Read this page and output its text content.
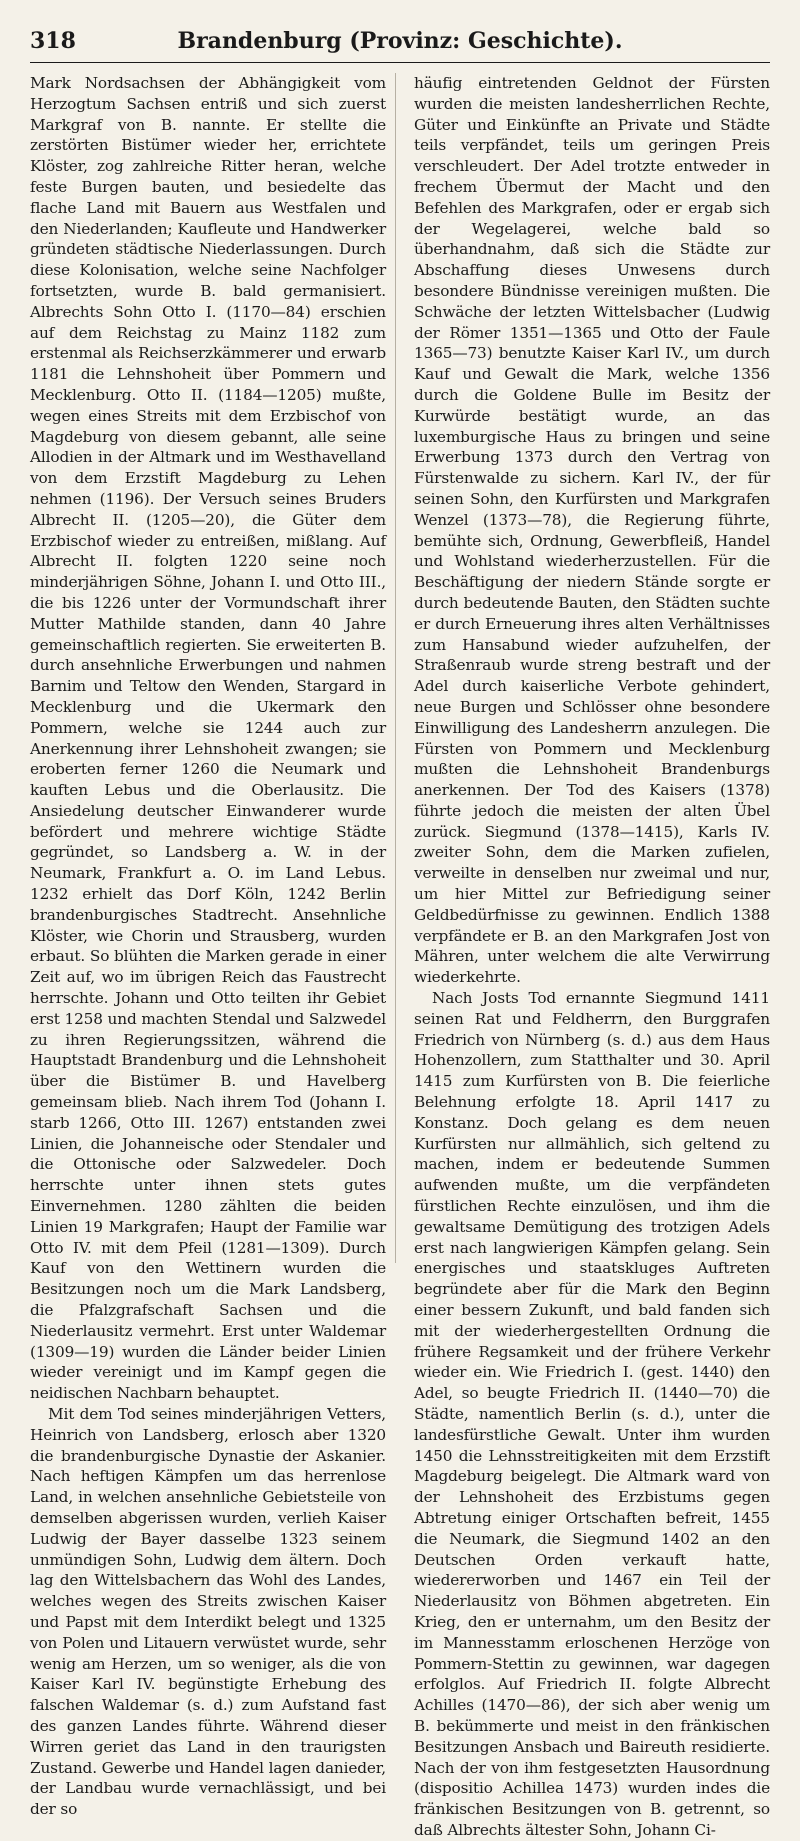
318	Brandenburg (Provinz: Geschichte).

Mark Nordsachsen der Abhängigkeit vom Herzogtum Sachsen entriß und sich zuerst Markgraf von B. nannte. Er stellte die zerstörten Bistümer wieder her, errichtete Klöster, zog zahlreiche Ritter heran, welche feste Burgen bauten, und besiedelte das flache Land mit Bauern aus Westfalen und den Niederlanden; Kaufleute und Handwerker gründeten städtische Niederlassungen. Durch diese Kolonisation, welche seine Nachfolger fortsetzten, wurde B. bald germanisiert. Albrechts Sohn Otto I. (1170—84) erschien auf dem Reichstag zu Mainz 1182 zum erstenmal als Reichserzkämmerer und erwarb 1181 die Lehnshoheit über Pommern und Mecklenburg. Otto II. (1184—1205) mußte, wegen eines Streits mit dem Erzbischof von Magdeburg von diesem gebannt, alle seine Allodien in der Altmark und im Westhavelland von dem Erzstift Magdeburg zu Lehen nehmen (1196). Der Versuch seines Bruders Albrecht II. (1205—20), die Güter dem Erzbischof wieder zu entreißen, mißlang. Auf Albrecht II. folgten 1220 seine noch minderjährigen Söhne, Johann I. und Otto III., die bis 1226 unter der Vormundschaft ihrer Mutter Mathilde standen, dann 40 Jahre gemeinschaftlich regierten. Sie erweiterten B. durch ansehnliche Erwerbungen und nahmen Barnim und Teltow den Wenden, Stargard in Mecklenburg und die Ukermark den Pommern, welche sie 1244 auch zur Anerkennung ihrer Lehnshoheit zwangen; sie eroberten ferner 1260 die Neumark und kauften Lebus und die Oberlausitz. Die Ansiedelung deutscher Einwanderer wurde befördert und mehrere wichtige Städte gegründet, so Landsberg a. W. in der Neumark, Frankfurt a. O. im Land Lebus. 1232 erhielt das Dorf Köln, 1242 Berlin brandenburgisches Stadtrecht. Ansehnliche Klöster, wie Chorin und Strausberg, wurden erbaut. So blühten die Marken gerade in einer Zeit auf, wo im übrigen Reich das Faustrecht herrschte. Johann und Otto teilten ihr Gebiet erst 1258 und machten Stendal und Salzwedel zu ihren Regierungssitzen, während die Hauptstadt Brandenburg und die Lehnshoheit über die Bistümer B. und Havelberg gemeinsam blieb. Nach ihrem Tod (Johann I. starb 1266, Otto III. 1267) entstanden zwei Linien, die Johanneische oder Stendaler und die Ottonische oder Salzwedeler. Doch herrschte unter ihnen stets gutes Einvernehmen. 1280 zählten die beiden Linien 19 Markgrafen; Haupt der Familie war Otto IV. mit dem Pfeil (1281—1309). Durch Kauf von den Wettinern wurden die Besitzungen noch um die Mark Landsberg, die Pfalzgrafschaft Sachsen und die Niederlausitz vermehrt. Erst unter Waldemar (1309—19) wurden die Länder beider Linien wieder vereinigt und im Kampf gegen die neidischen Nachbarn behauptet.

Mit dem Tod seines minderjährigen Vetters, Heinrich von Landsberg, erlosch aber 1320 die brandenburgische Dynastie der Askanier. Nach heftigen Kämpfen um das herrenlose Land, in welchen ansehnliche Gebietsteile von demselben abgerissen wurden, verlieh Kaiser Ludwig der Bayer dasselbe 1323 seinem unmündigen Sohn, Ludwig dem ältern. Doch lag den Wittelsbachern das Wohl des Landes, welches wegen des Streits zwischen Kaiser und Papst mit dem Interdikt belegt und 1325 von Polen und Litauern verwüstet wurde, sehr wenig am Herzen, um so weniger, als die von Kaiser Karl IV. begünstigte Erhebung des falschen Waldemar (s. d.) zum Aufstand fast des ganzen Landes führte. Während dieser Wirren geriet das Land in den traurigsten Zustand. Gewerbe und Handel lagen danieder, der Landbau wurde vernachlässigt, und bei der so

häufig eintretenden Geldnot der Fürsten wurden die meisten landesherrlichen Rechte, Güter und Einkünfte an Private und Städte teils verpfändet, teils um geringen Preis verschleudert. Der Adel trotzte entweder in frechem Übermut der Macht und den Befehlen des Markgrafen, oder er ergab sich der Wegelagerei, welche bald so überhandnahm, daß sich die Städte zur Abschaffung dieses Unwesens durch besondere Bündnisse vereinigen mußten. Die Schwäche der letzten Wittelsbacher (Ludwig der Römer 1351—1365 und Otto der Faule 1365—73) benutzte Kaiser Karl IV., um durch Kauf und Gewalt die Mark, welche 1356 durch die Goldene Bulle im Besitz der Kurwürde bestätigt wurde, an das luxemburgische Haus zu bringen und seine Erwerbung 1373 durch den Vertrag von Fürstenwalde zu sichern. Karl IV., der für seinen Sohn, den Kurfürsten und Markgrafen Wenzel (1373—78), die Regierung führte, bemühte sich, Ordnung, Gewerbfleiß, Handel und Wohlstand wiederherzustellen. Für die Beschäftigung der niedern Stände sorgte er durch bedeutende Bauten, den Städten suchte er durch Erneuerung ihres alten Verhältnisses zum Hansabund wieder aufzuhelfen, der Straßenraub wurde streng bestraft und der Adel durch kaiserliche Verbote gehindert, neue Burgen und Schlösser ohne besondere Einwilligung des Landesherrn anzulegen. Die Fürsten von Pommern und Mecklenburg mußten die Lehnshoheit Brandenburgs anerkennen. Der Tod des Kaisers (1378) führte jedoch die meisten der alten Übel zurück. Siegmund (1378—1415), Karls IV. zweiter Sohn, dem die Marken zufielen, verweilte in denselben nur zweimal und nur, um hier Mittel zur Befriedigung seiner Geldbedürfnisse zu gewinnen. Endlich 1388 verpfändete er B. an den Markgrafen Jost von Mähren, unter welchem die alte Verwirrung wiederkehrte.

Nach Josts Tod ernannte Siegmund 1411 seinen Rat und Feldherrn, den Burggrafen Friedrich von Nürnberg (s. d.) aus dem Haus Hohenzollern, zum Statthalter und 30. April 1415 zum Kurfürsten von B. Die feierliche Belehnung erfolgte 18. April 1417 zu Konstanz. Doch gelang es dem neuen Kurfürsten nur allmählich, sich geltend zu machen, indem er bedeutende Summen aufwenden mußte, um die verpfändeten fürstlichen Rechte einzulösen, und ihm die gewaltsame Demütigung des trotzigen Adels erst nach langwierigen Kämpfen gelang. Sein energisches und staatskluges Auftreten begründete aber für die Mark den Beginn einer bessern Zukunft, und bald fanden sich mit der wiederhergestellten Ordnung die frühere Regsamkeit und der frühere Verkehr wieder ein. Wie Friedrich I. (gest. 1440) den Adel, so beugte Friedrich II. (1440—70) die Städte, namentlich Berlin (s. d.), unter die landesfürstliche Gewalt. Unter ihm wurden 1450 die Lehnsstreitigkeiten mit dem Erzstift Magdeburg beigelegt. Die Altmark ward von der Lehnshoheit des Erzbistums gegen Abtretung einiger Ortschaften befreit, 1455 die Neumark, die Siegmund 1402 an den Deutschen Orden verkauft hatte, wiedererworben und 1467 ein Teil der Niederlausitz von Böhmen abgetreten. Ein Krieg, den er unternahm, um den Besitz der im Mannesstamm erloschenen Herzöge von Pommern-Stettin zu gewinnen, war dagegen erfolglos. Auf Friedrich II. folgte Albrecht Achilles (1470—86), der sich aber wenig um B. bekümmerte und meist in den fränkischen Besitzungen Ansbach und Baireuth residierte. Nach der von ihm festgesetzten Hausordnung (dispositio Achillea 1473) wurden indes die fränkischen Besitzungen von B. getrennt, so daß Albrechts ältester Sohn, Johann Ci-
